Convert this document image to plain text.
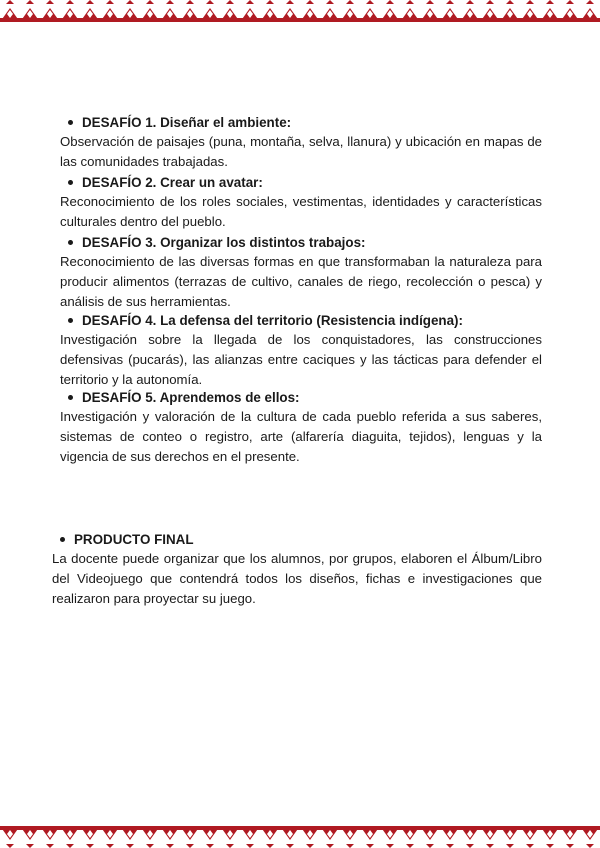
DESAFÍO 1. Diseñar el ambiente:
Observación de paisajes (puna, montaña, selva, llanura) y ubicación en mapas de las comunidades trabajadas.
DESAFÍO 2. Crear un avatar:
Reconocimiento de los roles sociales, vestimentas, identidades y características culturales dentro del pueblo.
DESAFÍO 3. Organizar los distintos trabajos:
Reconocimiento de las diversas formas en que transformaban la naturaleza para producir alimentos (terrazas de cultivo, canales de riego, recolección o pesca) y análisis de sus herramientas.
DESAFÍO 4. La defensa del territorio (Resistencia indígena):
Investigación sobre la llegada de los conquistadores, las construcciones defensivas (pucarás), las alianzas entre caciques y las tácticas para defender el territorio y la autonomía.
DESAFÍO 5. Aprendemos de ellos:
Investigación y valoración de la cultura de cada pueblo referida a sus saberes, sistemas de conteo o registro, arte (alfarería diaguita, tejidos), lenguas y la vigencia de sus derechos en el presente.
PRODUCTO FINAL
La docente puede organizar que los alumnos, por grupos, elaboren el Álbum/Libro del Videojuego que contendrá todos los diseños, fichas e investigaciones que realizaron para proyectar su juego.
